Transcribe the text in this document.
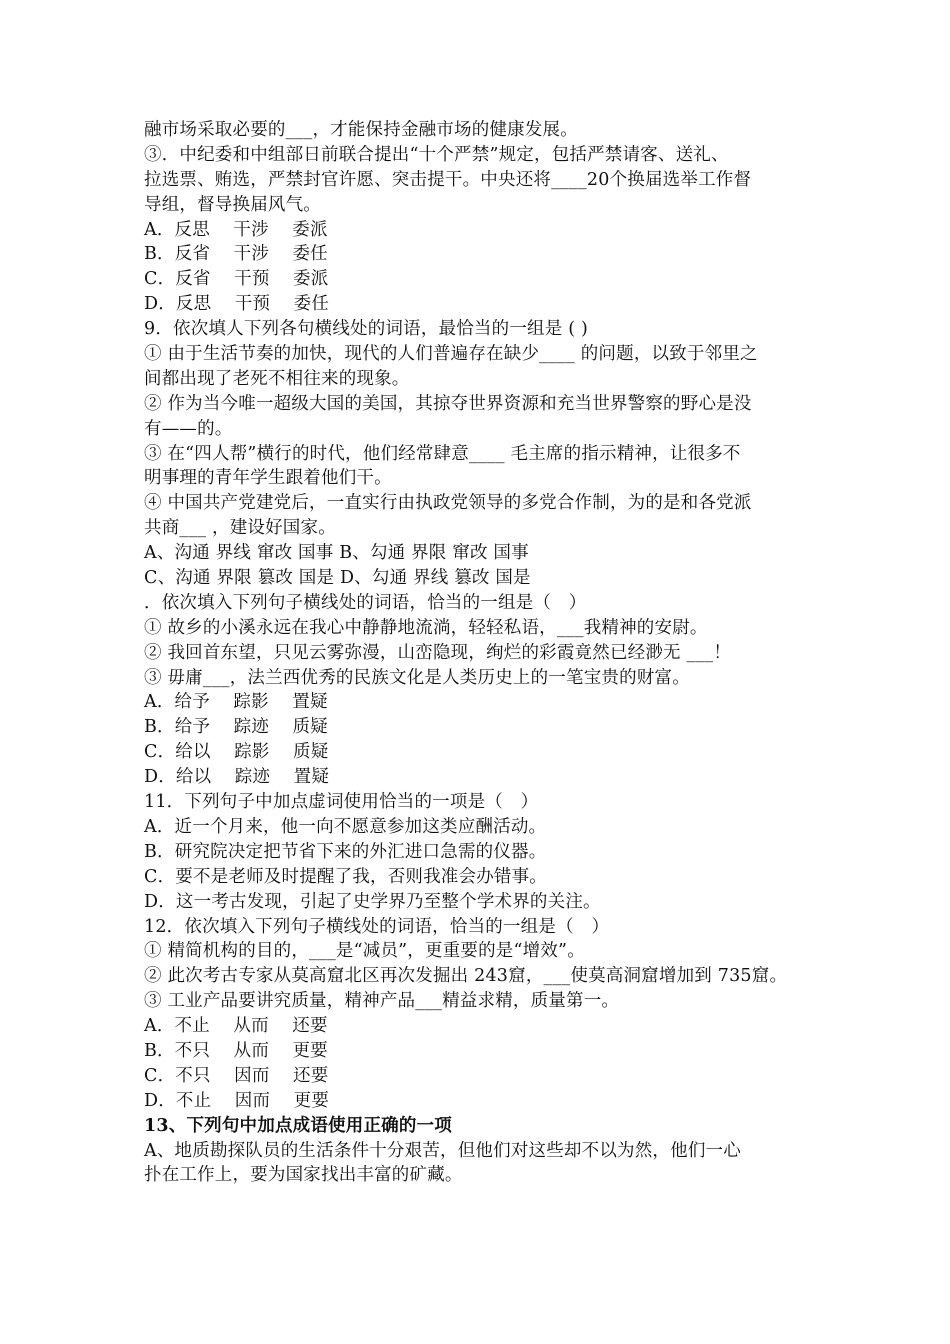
融市场采取必要的___，才能保持金融市场的健康发展。
③．中纪委和中组部日前联合提出“十个严禁”规定，包括严禁请客、送礼、
拉选票、贿选，严禁封官许愿、突击提干。中央还将____20个换届选举工作督
导组，督导换届风气。
A．反思　 干涉　 委派
B．反省　 干涉　 委任
C．反省　 干预　 委派
D．反思　 干预　 委任
9．依次填人下列各句横线处的词语，最恰当的一组是 ( )
① 由于生活节奏的加快，现代的人们普遍存在缺少____ 的问题，以致于邻里之
间都出现了老死不相往来的现象。
② 作为当今唯一超级大国的美国，其掠夺世界资源和充当世界警察的野心是没
有——的。
③ 在“四人帮”横行的时代，他们经常肆意____ 毛主席的指示精神，让很多不
明事理的青年学生跟着他们干。
④ 中国共产党建党后，一直实行由执政党领导的多党合作制，为的是和各党派
共商___ ，建设好国家。
A、沟通 界线 窜改 国事 B、勾通 界限 窜改 国事
C、沟通 界限 篡改 国是 D、勾通 界线 篡改 国是
．依次填入下列句子横线处的词语，恰当的一组是（　）
① 故乡的小溪永远在我心中静静地流淌，轻轻私语，___我精神的安尉。
② 我回首东望，只见云雾弥漫，山峦隐现，绚烂的彩霞竟然已经渺无 ___！
③ 毋庸___，法兰西优秀的民族文化是人类历史上的一笔宝贵的财富。
A．给予　 踪影　 置疑
B．给予　 踪迹　 质疑
C．给以　 踪影　 质疑
D．给以　 踪迹　 置疑
11．下列句子中加点虚词使用恰当的一项是（　）
A．近一个月来，他一向不愿意参加这类应酬活动。
B．研究院决定把节省下来的外汇进口急需的仪器。
C．要不是老师及时提醒了我，否则我准会办错事。
D．这一考古发现，引起了史学界乃至整个学术界的关注。
12．依次填入下列句子横线处的词语，恰当的一组是（　）
① 精简机构的目的，___是“减员”，更重要的是“增效”。
② 此次考古专家从莫高窟北区再次发掘出 243窟，___使莫高洞窟增加到 735窟。
③ 工业产品要讲究质量，精神产品___精益求精，质量第一。
A．不止　 从而　 还要
B．不只　 从而　 更要
C．不只　 因而　 还要
D．不止　 因而　 更要
13、下列句中加点成语使用正确的一项
A、地质勘探队员的生活条件十分艰苦，但他们对这些却不以为然，他们一心
扑在工作上，要为国家找出丰富的矿藏。
